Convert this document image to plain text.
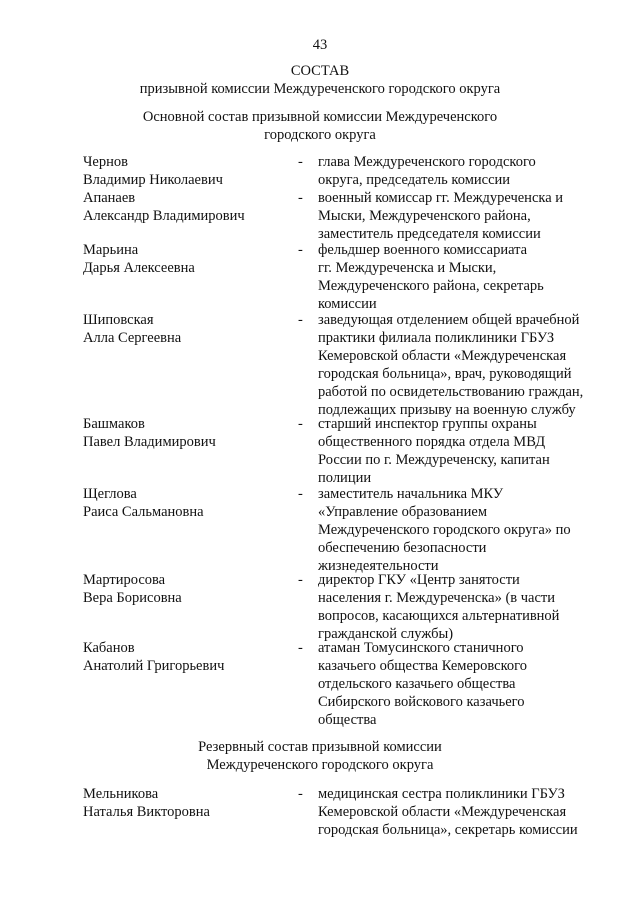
43
СОСТАВ
призывной комиссии Междуреченского городского округа
Основной состав призывной комиссии Междуреченского
городского округа
Чернов
Владимир Николаевич
- глава Междуреченского городского
округа, председатель комиссии
Апанаев
Александр Владимирович
- военный комиссар гг. Междуреченска и
Мыски, Междуреченского района,
заместитель председателя комиссии
Марьина
Дарья Алексеевна
- фельдшер военного комиссариата
гг. Междуреченска и Мыски,
Междуреченского района, секретарь
комиссии
Шиповская
Алла Сергеевна
- заведующая отделением общей врачебной
практики филиала поликлиники ГБУЗ
Кемеровской области «Междуреченская
городская больница», врач, руководящий
работой по освидетельствованию граждан,
подлежащих призыву на военную службу
Башмаков
Павел Владимирович
- старший инспектор группы охраны
общественного порядка отдела МВД
России по г. Междуреченску, капитан
полиции
Щеглова
Раиса Сальмановна
- заместитель начальника МКУ
«Управление образованием
Междуреченского городского округа» по
обеспечению безопасности
жизнедеятельности
Мартиросова
Вера Борисовна
- директор ГКУ «Центр занятости
населения г. Междуреченска» (в части
вопросов, касающихся альтернативной
гражданской службы)
Кабанов
Анатолий Григорьевич
- атаман Томусинского станичного
казачьего общества Кемеровского
отдельского казачьего общества
Сибирского войскового казачьего
общества
Резервный состав призывной комиссии
Междуреченского городского округа
Мельникова
Наталья Викторовна
- медицинская сестра поликлиники ГБУЗ
Кемеровской области «Междуреченская
городская больница», секретарь комиссии
